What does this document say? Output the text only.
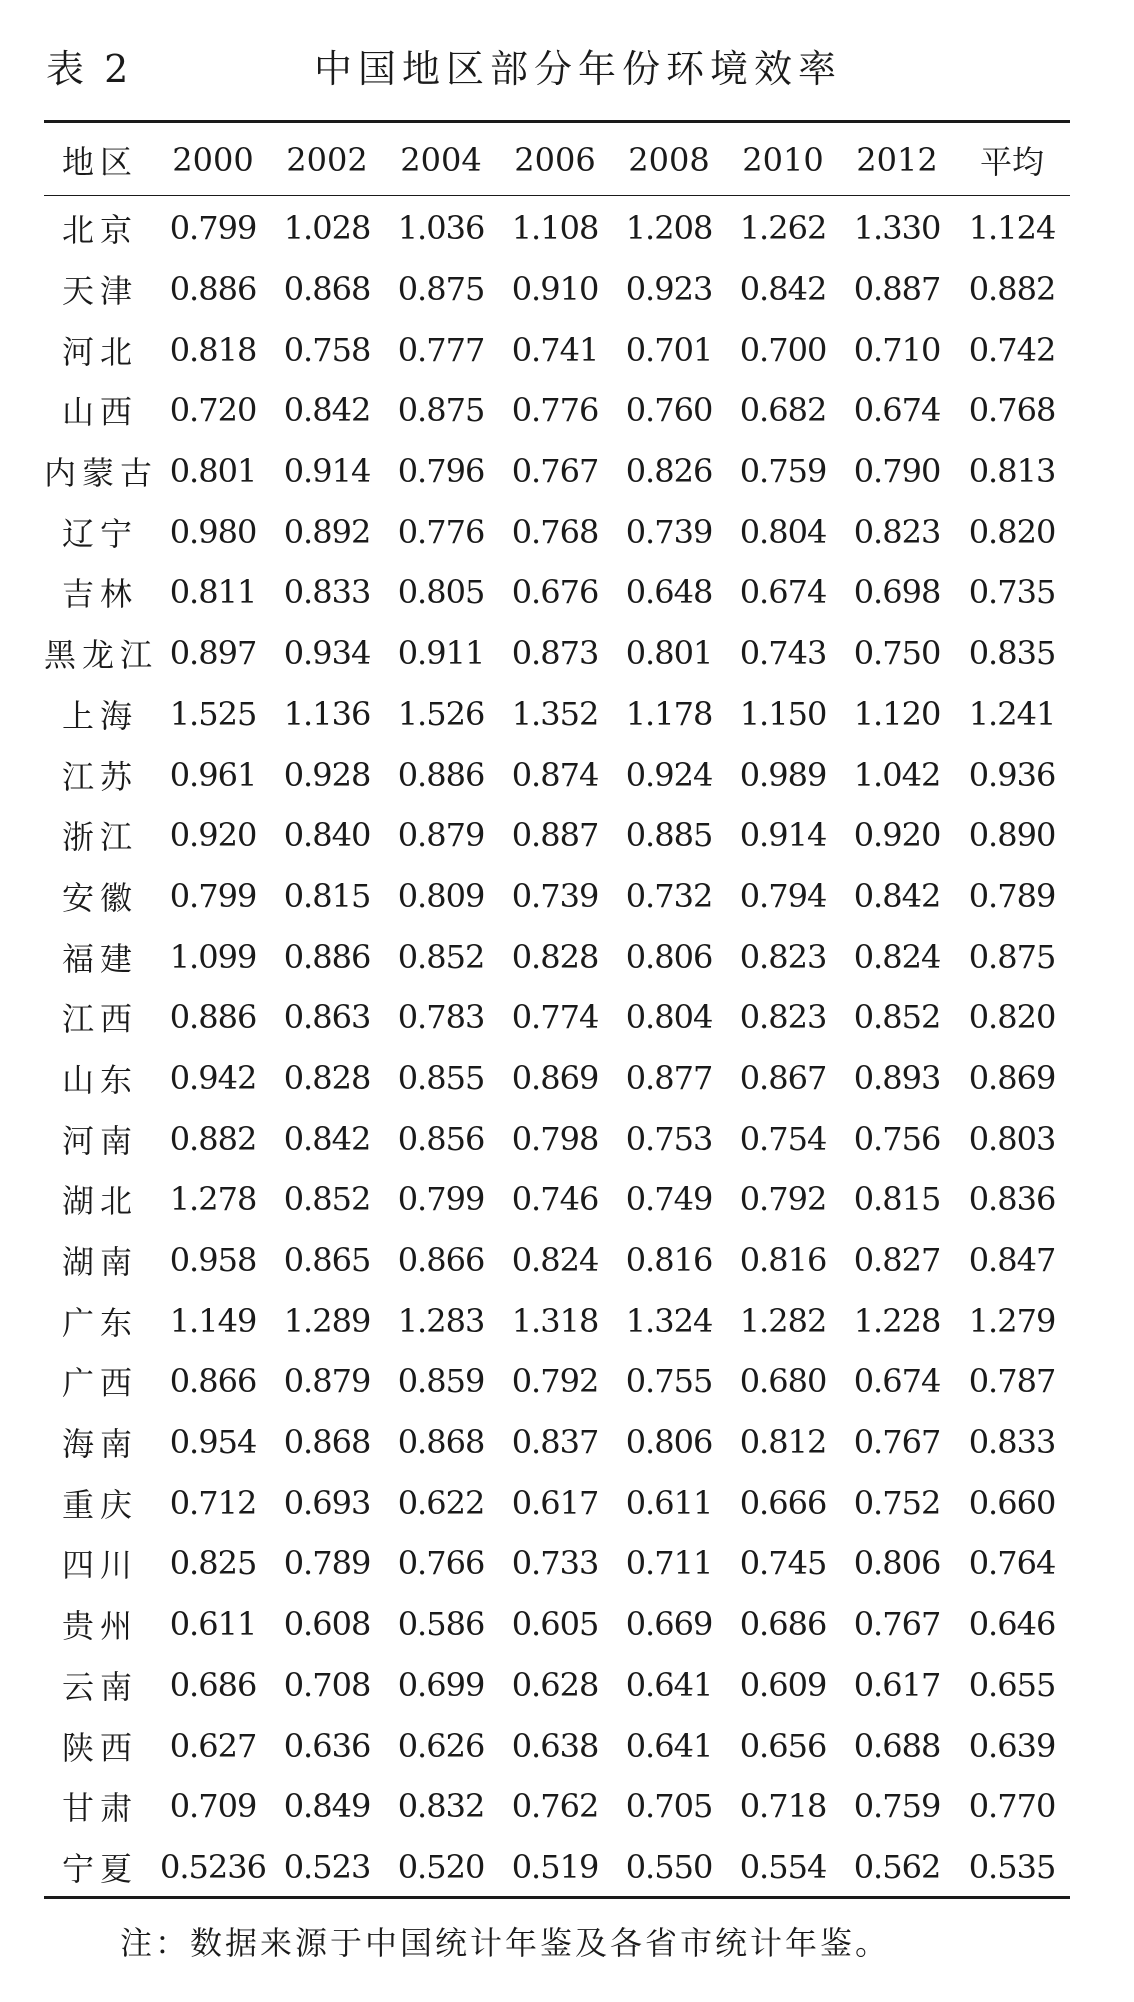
表 2	中国地区部分年份环境效率
地区	2000	2002	2004	2006	2008	2010	2012	平均
北京	0.799	1.028	1.036	1.108	1.208	1.262	1.330	1.124
天津	0.886	0.868	0.875	0.910	0.923	0.842	0.887	0.882
河北	0.818	0.758	0.777	0.741	0.701	0.700	0.710	0.742
山西	0.720	0.842	0.875	0.776	0.760	0.682	0.674	0.768
内蒙古	0.801	0.914	0.796	0.767	0.826	0.759	0.790	0.813
辽宁	0.980	0.892	0.776	0.768	0.739	0.804	0.823	0.820
吉林	0.811	0.833	0.805	0.676	0.648	0.674	0.698	0.735
黑龙江	0.897	0.934	0.911	0.873	0.801	0.743	0.750	0.835
上海	1.525	1.136	1.526	1.352	1.178	1.150	1.120	1.241
江苏	0.961	0.928	0.886	0.874	0.924	0.989	1.042	0.936
浙江	0.920	0.840	0.879	0.887	0.885	0.914	0.920	0.890
安徽	0.799	0.815	0.809	0.739	0.732	0.794	0.842	0.789
福建	1.099	0.886	0.852	0.828	0.806	0.823	0.824	0.875
江西	0.886	0.863	0.783	0.774	0.804	0.823	0.852	0.820
山东	0.942	0.828	0.855	0.869	0.877	0.867	0.893	0.869
河南	0.882	0.842	0.856	0.798	0.753	0.754	0.756	0.803
湖北	1.278	0.852	0.799	0.746	0.749	0.792	0.815	0.836
湖南	0.958	0.865	0.866	0.824	0.816	0.816	0.827	0.847
广东	1.149	1.289	1.283	1.318	1.324	1.282	1.228	1.279
广西	0.866	0.879	0.859	0.792	0.755	0.680	0.674	0.787
海南	0.954	0.868	0.868	0.837	0.806	0.812	0.767	0.833
重庆	0.712	0.693	0.622	0.617	0.611	0.666	0.752	0.660
四川	0.825	0.789	0.766	0.733	0.711	0.745	0.806	0.764
贵州	0.611	0.608	0.586	0.605	0.669	0.686	0.767	0.646
云南	0.686	0.708	0.699	0.628	0.641	0.609	0.617	0.655
陕西	0.627	0.636	0.626	0.638	0.641	0.656	0.688	0.639
甘肃	0.709	0.849	0.832	0.762	0.705	0.718	0.759	0.770
宁夏	0.5236	0.523	0.520	0.519	0.550	0.554	0.562	0.535
注：数据来源于中国统计年鉴及各省市统计年鉴。
